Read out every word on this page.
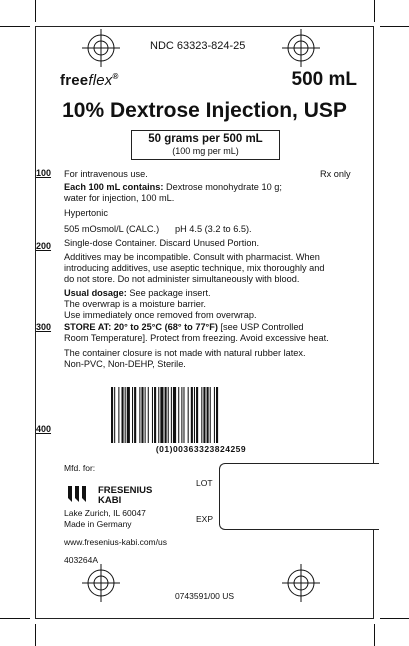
NDC 63323-824-25
freeflex®	500 mL
10% Dextrose Injection, USP
50 grams per 500 mL
(100 mg per mL)
100
200
300
400
For intravenous use.	Rx only
Each 100 mL contains: Dextrose monohydrate 10 g;
water for injection, 100 mL.
Hypertonic
505 mOsmol/L (CALC.)	pH 4.5 (3.2 to 6.5).
Single-dose Container. Discard Unused Portion.
Additives may be incompatible. Consult with pharmacist. When
introducing additives, use aseptic technique, mix thoroughly and
do not store. Do not administer simultaneously with blood.
Usual dosage: See package insert.
The overwrap is a moisture barrier.
Use immediately once removed from overwrap.
STORE AT: 20° to 25°C (68° to 77°F) [see USP Controlled
Room Temperature]. Protect from freezing. Avoid excessive heat.
The container closure is not made with natural rubber latex.
Non-PVC, Non-DEHP, Sterile.
(01)00363323824259
Mfd. for:
FRESENIUS
KABI
Lake Zurich, IL 60047
Made in Germany
www.fresenius-kabi.com/us
403264A
LOT
EXP
0743591/00 US
